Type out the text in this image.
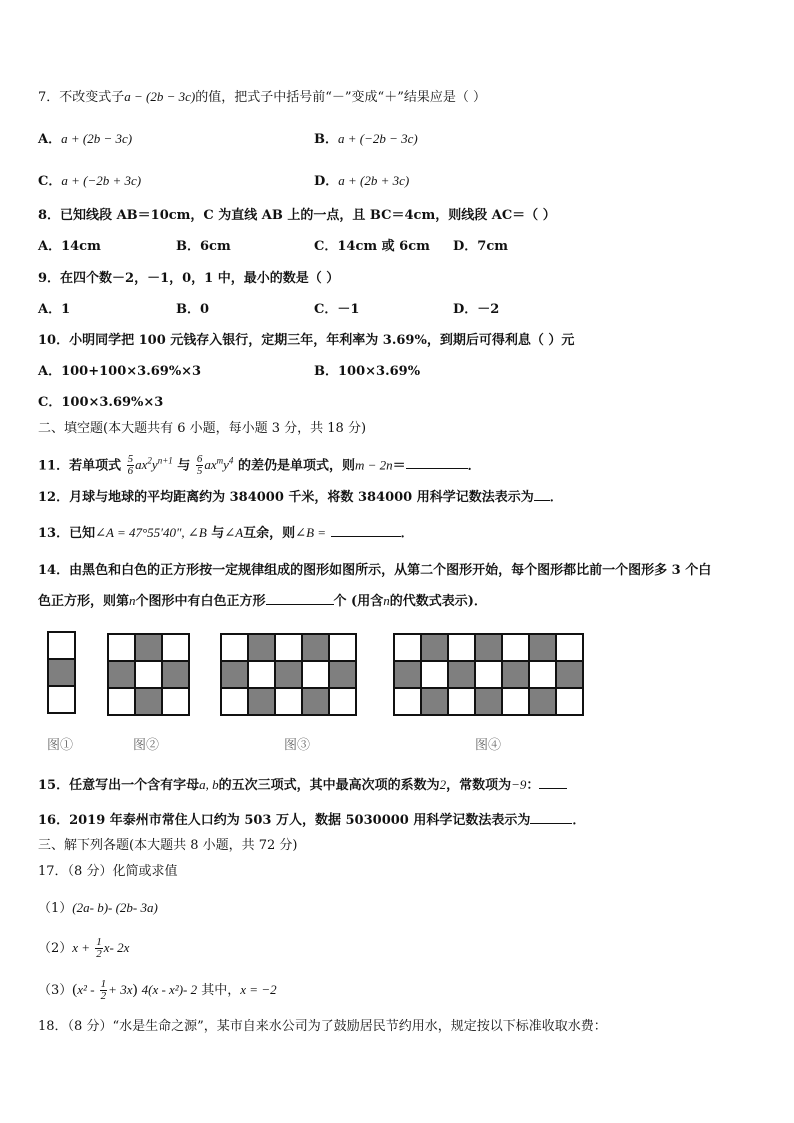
7．不改变式子a − (2b − 3c)的值，把式子中括号前“－”变成“＋”结果应是（ ）
A．a + (2b − 3c)	B．a + (−2b − 3c)
C．a + (−2b + 3c)	D．a + (2b + 3c)
8．已知线段 AB＝10cm，C 为直线 AB 上的一点，且 BC＝4cm，则线段 AC＝（ ）
A．14cm	B．6cm	C．14cm 或 6cm D．7cm
9．在四个数－2，－1，0，1 中，最小的数是（ ）
A．1	B．0	C．－1	D．－2
10．小明同学把 100 元钱存入银行，定期三年，年利率为 3.69%，到期后可得利息（ ）元
A．100+100×3.69%×3	B．100×3.69%
C．100×3.69%×3
二、填空题(本大题共有 6 小题，每小题 3 分，共 18 分)
11．若单项式 $\frac{5}{6} ax^2y^{n+1}$ 与 $\frac{6}{5} ax^my^4$ 的差仍是单项式，则m − 2n＝	．
12．月球与地球的平均距离约为 384000 千米，将数 384000 用科学记数法表示为 ．
13．已知∠A = 47°55′40″, ∠B 与∠A互余，则∠B =	．
14．由黑色和白色的正方形按一定规律组成的图形如图所示，从第二个图形开始，每个图形都比前一个图形多 3 个白
色正方形，则第n个图形中有白色正方形	个 (用含n的代数式表示)．
图①	图②	图③	图④
15．任意写出一个含有字母a, b的五次三项式，其中最高次项的系数为2，常数项为−9：
16．2019 年泰州市常住人口约为 503 万人，数据 5030000 用科学记数法表示为	．
三、解下列各题(本大题共 8 小题，共 72 分)
17．（8 分）化简或求值
（1）(2a- b)- (2b- 3a)
$(2)x + \frac{1}{2} x-$ 2x
$(3)(x^2 - \frac{1}{2} + 3x)$ 4(x - x²)- 2 其中，x = −2
18．（8 分）“水是生命之源”，某市自来水公司为了鼓励居民节约用水，规定按以下标准收取水费：
